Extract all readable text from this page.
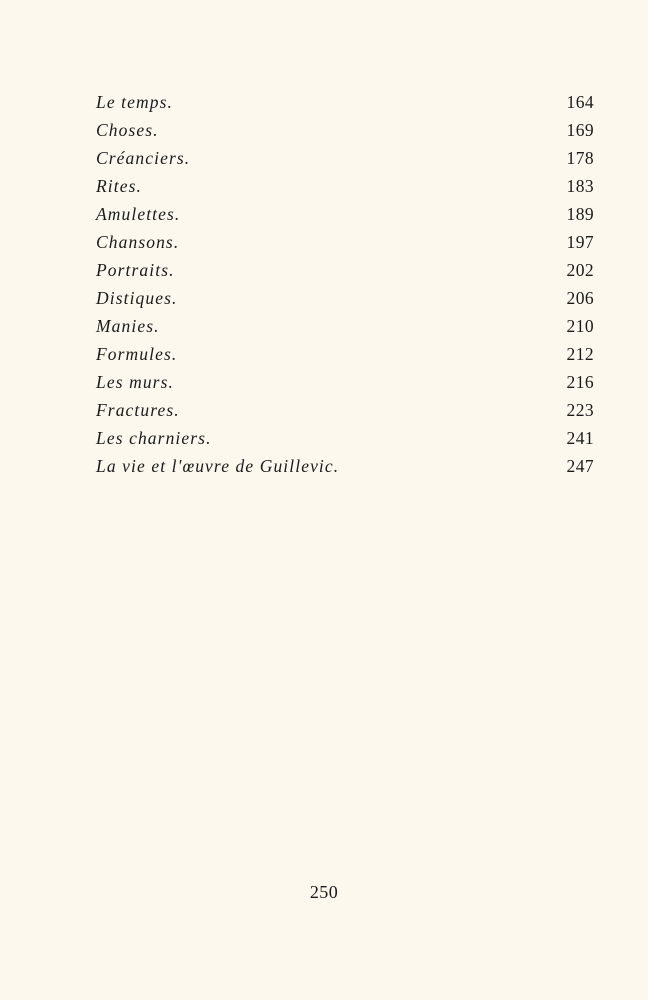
Le temps.	164
Choses.	169
Créanciers.	178
Rites.	183
Amulettes.	189
Chansons.	197
Portraits.	202
Distiques.	206
Manies.	210
Formules.	212
Les murs.	216
Fractures.	223
Les charniers.	241
La vie et l'œuvre de Guillevic.	247
250
